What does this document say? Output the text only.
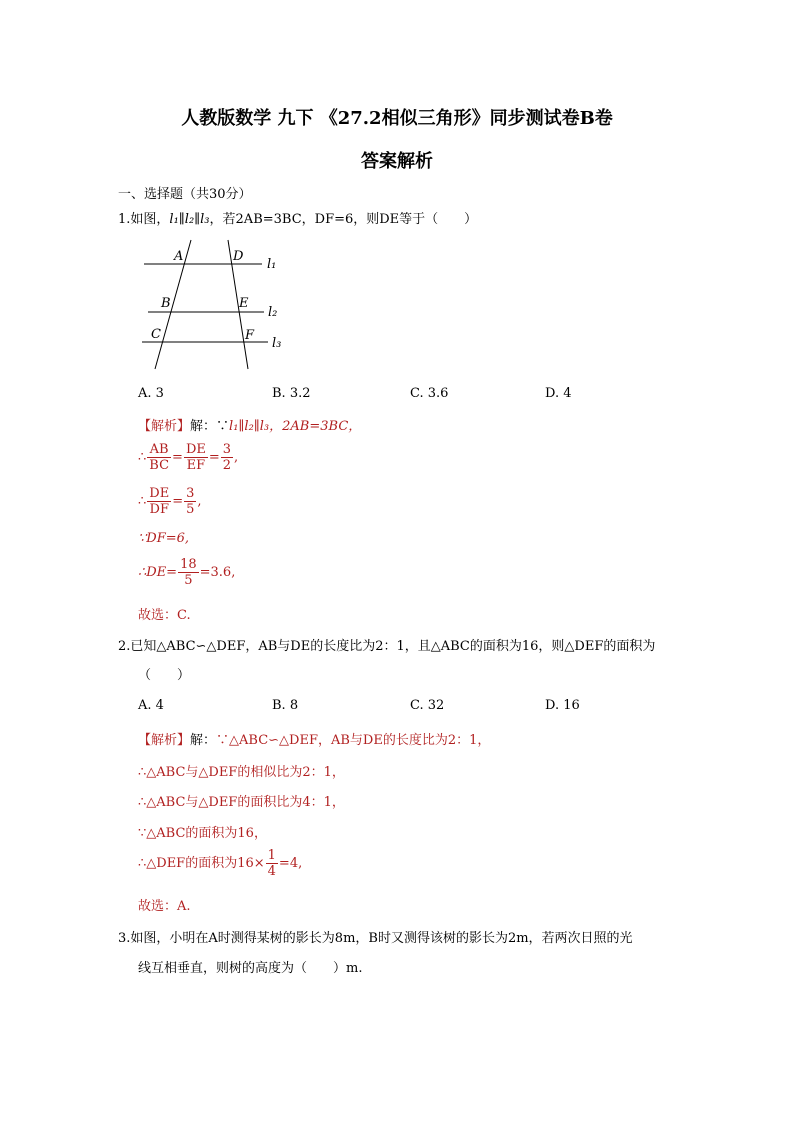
人教版数学 九下 《27.2相似三角形》同步测试卷B卷
答案解析
一、选择题（共30分）
1.如图，l₁∥l₂∥l₃，若2AB=3BC，DF=6，则DE等于（　　）
A	D
B	E
C	F
l₁
l₂
l₃
A. 3	B. 3.2	C. 3.6	D. 4
【解析】解：∵l₁∥l₂∥l₃，2AB=3BC，
∴ $\frac{AB}{BC} = \frac{DE}{EF} = \frac{3}{2}$ ,
∴ $\frac{DE}{DF} = \frac{3}{5}$ ,
∵DF=6,
∴DE= $\frac{18}{5} =3.6$,
故选：C.
2.已知△ABC∽△DEF，AB与DE的长度比为2：1，且△ABC的面积为16，则△DEF的面积为
（　　）
A. 4	B. 8	C. 32	D. 16
【解析】解：∵△ABC∽△DEF，AB与DE的长度比为2：1，
∴△ABC与△DEF的相似比为2：1，
∴△ABC与△DEF的面积比为4：1，
∵△ABC的面积为16，
∴△DEF的面积为$16\times \frac{1}{4} =4$,
故选：A.
3.如图，小明在A时测得某树的影长为8m，B时又测得该树的影长为2m，若两次日照的光
线互相垂直，则树的高度为（　　）m.
